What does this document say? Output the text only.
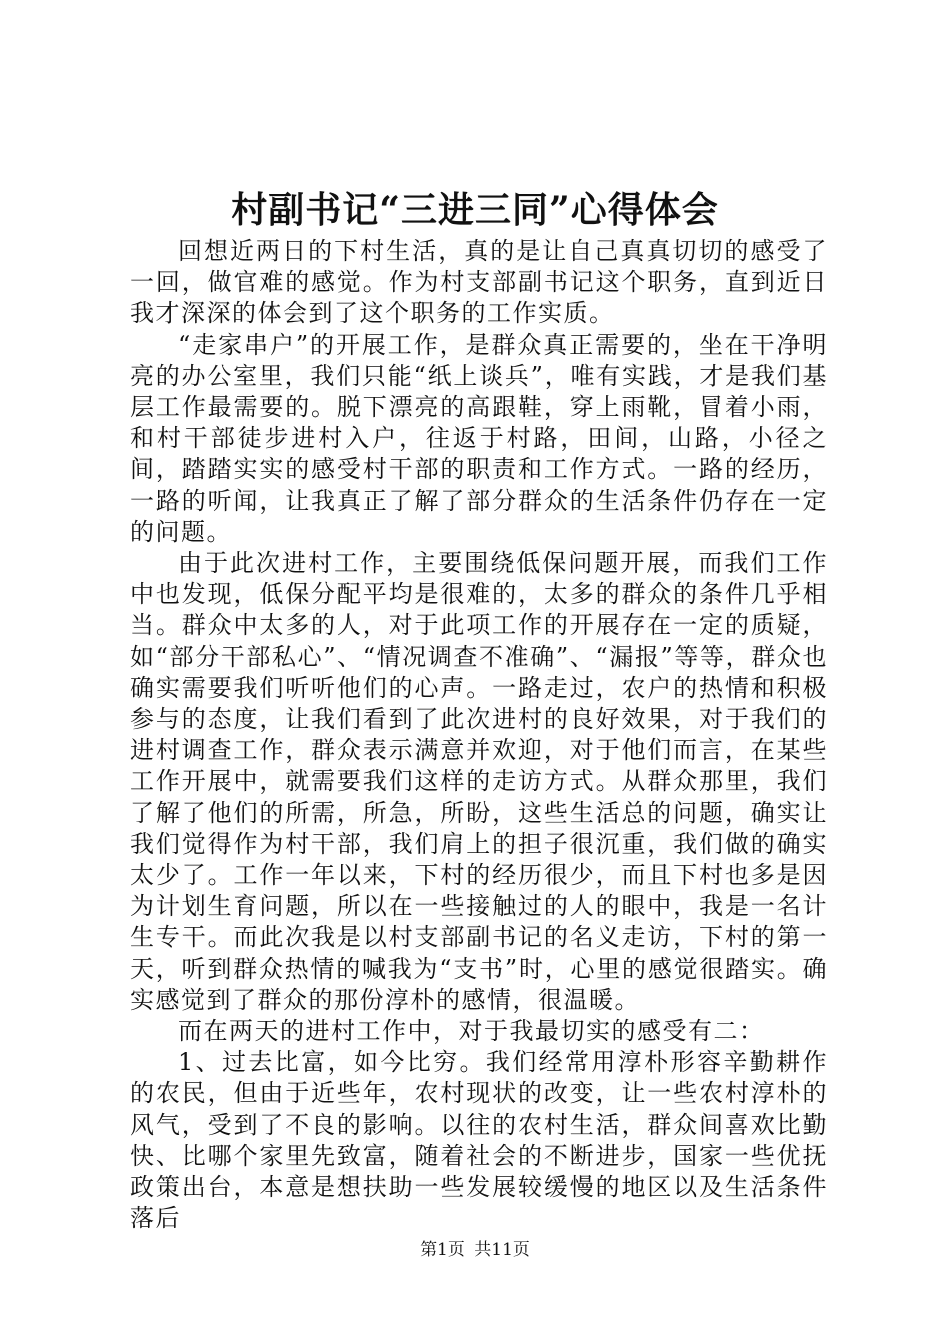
村副书记“三进三同”心得体会

回想近两日的下村生活，真的是让自己真真切切的感受了一回，做官难的感觉。作为村支部副书记这个职务，直到近日我才深深的体会到了这个职务的工作实质。

“走家串户”的开展工作，是群众真正需要的，坐在干净明亮的办公室里，我们只能“纸上谈兵”，唯有实践，才是我们基层工作最需要的。脱下漂亮的高跟鞋，穿上雨靴，冒着小雨，和村干部徒步进村入户，往返于村路，田间，山路，小径之间，踏踏实实的感受村干部的职责和工作方式。一路的经历，一路的听闻，让我真正了解了部分群众的生活条件仍存在一定的问题。

由于此次进村工作，主要围绕低保问题开展，而我们工作中也发现，低保分配平均是很难的，太多的群众的条件几乎相当。群众中太多的人，对于此项工作的开展存在一定的质疑，如“部分干部私心”、“情况调查不准确”、“漏报”等等，群众也确实需要我们听听他们的心声。一路走过，农户的热情和积极参与的态度，让我们看到了此次进村的良好效果，对于我们的进村调查工作，群众表示满意并欢迎，对于他们而言，在某些工作开展中，就需要我们这样的走访方式。从群众那里，我们了解了他们的所需，所急，所盼，这些生活总的问题，确实让我们觉得作为村干部，我们肩上的担子很沉重，我们做的确实太少了。工作一年以来，下村的经历很少，而且下村也多是因为计划生育问题，所以在一些接触过的人的眼中，我是一名计生专干。而此次我是以村支部副书记的名义走访，下村的第一天，听到群众热情的喊我为“支书”时，心里的感觉很踏实。确实感觉到了群众的那份淳朴的感情，很温暖。

而在两天的进村工作中，对于我最切实的感受有二：

1、过去比富，如今比穷。我们经常用淳朴形容辛勤耕作的农民，但由于近些年，农村现状的改变，让一些农村淳朴的风气，受到了不良的影响。以往的农村生活，群众间喜欢比勤快、比哪个家里先致富，随着社会的不断进步，国家一些优抚政策出台，本意是想扶助一些发展较缓慢的地区以及生活条件落后

第1页 共11页
